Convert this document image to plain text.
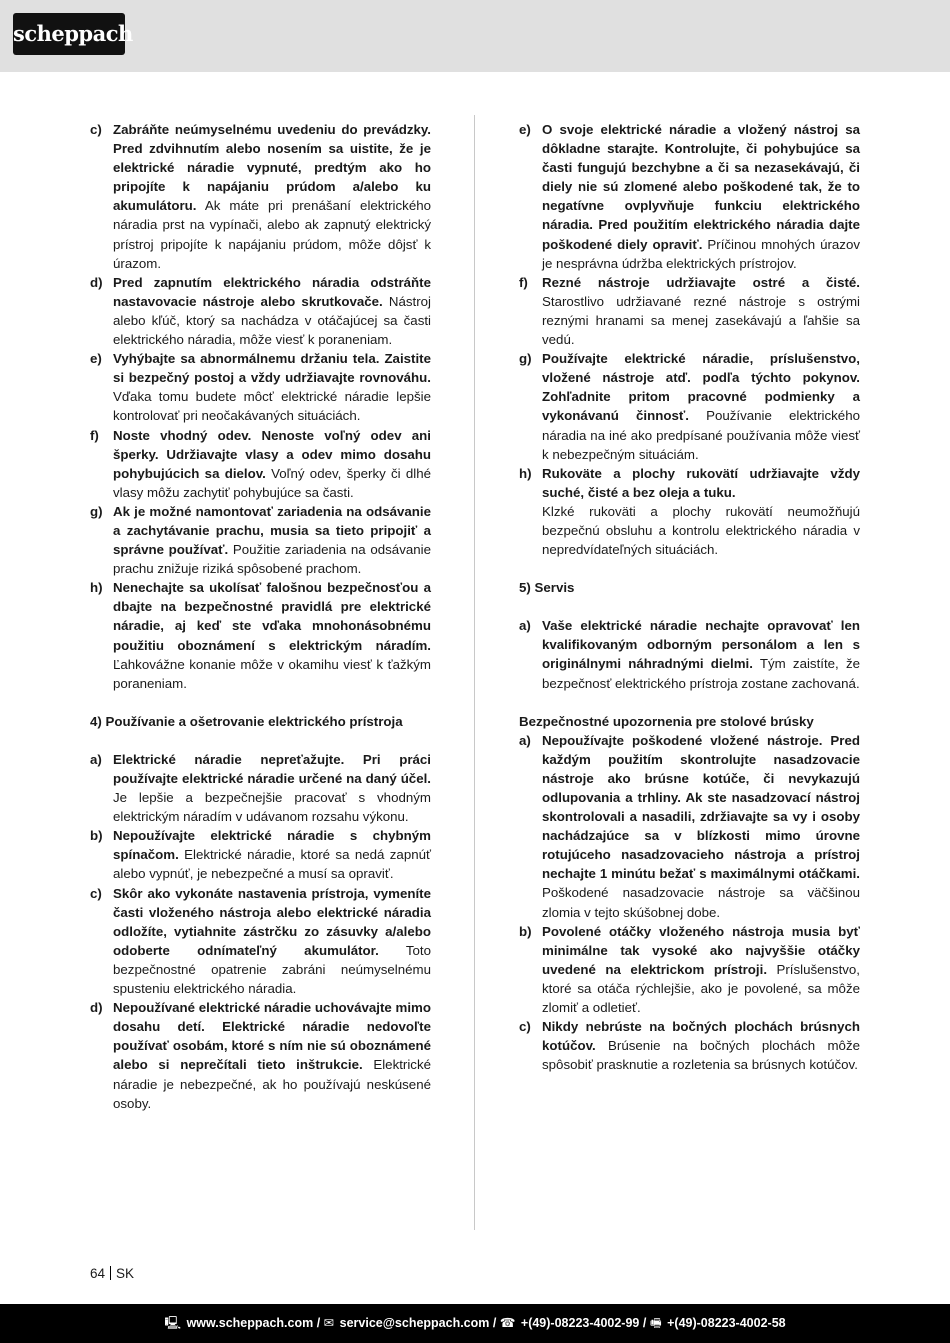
scheppach
c) Zabráňte neúmyselnému uvedeniu do prevádzky. Pred zdvihnutím alebo nosením sa uistite, že je elektrické náradie vypnuté, predtým ako ho pripojíte k napájaniu prúdom a/alebo ku akumulátoru. Ak máte pri prenášaní elektrického náradia prst na vypínači, alebo ak zapnutý elektrický prístroj pripojíte k napájaniu prúdom, môže dôjsť k úrazom.
d) Pred zapnutím elektrického náradia odstráňte nastavovacie nástroje alebo skrutkovače. Nástroj alebo kľúč, ktorý sa nachádza v otáčajúcej sa časti elektrického náradia, môže viesť k poraneniam.
e) Vyhýbajte sa abnormálnemu držaniu tela. Zaistite si bezpečný postoj a vždy udržiavajte rovnováhu. Vďaka tomu budete môcť elektrické náradie lepšie kontrolovať pri neočakávaných situáciách.
f) Noste vhodný odev. Nenoste voľný odev ani šperky. Udržiavajte vlasy a odev mimo dosahu pohybujúcich sa dielov. Voľný odev, šperky či dlhé vlasy môžu zachytiť pohybujúce sa časti.
g) Ak je možné namontovať zariadenia na odsávanie a zachytávanie prachu, musia sa tieto pripojiť a správne používať. Použitie zariadenia na odsávanie prachu znižuje riziká spôsobené prachom.
h) Nenechajte sa ukolísať falošnou bezpečnosťou a dbajte na bezpečnostné pravidlá pre elektrické náradie, aj keď ste vďaka mnohonásobnému použitiu oboznámení s elektrickým náradím. Ľahkovážne konanie môže v okamihu viesť k ťažkým poraneniam.
4) Používanie a ošetrovanie elektrického prístroja
a) Elektrické náradie nepreťažujte. Pri práci používajte elektrické náradie určené na daný účel. Je lepšie a bezpečnejšie pracovať s vhodným elektrickým náradím v udávanom rozsahu výkonu.
b) Nepoužívajte elektrické náradie s chybným spínačom. Elektrické náradie, ktoré sa nedá zapnúť alebo vypnúť, je nebezpečné a musí sa opraviť.
c) Skôr ako vykonáte nastavenia prístroja, vymeníte časti vloženého nástroja alebo elektrické náradia odložíte, vytiahnite zástrčku zo zásuvky a/alebo odoberte odnímateľný akumulátor. Toto bezpečnostné opatrenie zabráni neúmyselnému spusteniu elektrického náradia.
d) Nepoužívané elektrické náradie uchovávajte mimo dosahu detí. Elektrické náradie nedovoľte používať osobám, ktoré s ním nie sú oboznámené alebo si neprečítali tieto inštrukcie. Elektrické náradie je nebezpečné, ak ho používajú neskúsené osoby.
e) O svoje elektrické náradie a vložený nástroj sa dôkladne starajte. Kontrolujte, či pohybujúce sa časti fungujú bezchybne a či sa nezasekávajú, či diely nie sú zlomené alebo poškodené tak, že to negatívne ovplyvňuje funkciu elektrického náradia. Pred použitím elektrického náradia dajte poškodené diely opraviť. Príčinou mnohých úrazov je nesprávna údržba elektrických prístrojov.
f) Rezné nástroje udržiavajte ostré a čisté. Starostlivo udržiavané rezné nástroje s ostrými reznými hranami sa menej zasekávajú a ľahšie sa vedú.
g) Používajte elektrické náradie, príslušenstvo, vložené nástroje atď. podľa týchto pokynov. Zohľadnite pritom pracovné podmienky a vykonávanú činnosť. Používanie elektrického náradia na iné ako predpísané používania môže viesť k nebezpečným situáciám.
h) Rukoväte a plochy rukovätí udržiavajte vždy suché, čisté a bez oleja a tuku.
Klzké rukoväti a plochy rukovätí neumožňujú bezpečnú obsluhu a kontrolu elektrického náradia v nepredvídateľných situáciách.
5) Servis
a) Vaše elektrické náradie nechajte opravovať len kvalifikovaným odborným personálom a len s originálnymi náhradnými dielmi. Tým zaistíte, že bezpečnosť elektrického prístroja zostane zachovaná.
Bezpečnostné upozornenia pre stolové brúsky
a) Nepoužívajte poškodené vložené nástroje. Pred každým použitím skontrolujte nasadzovacie nástroje ako brúsne kotúče, či nevykazujú odlupovania a trhliny. Ak ste nasadzovací nástroj skontrolovali a nasadili, zdržiavajte sa vy i osoby nachádzajúce sa v blízkosti mimo úrovne rotujúceho nasadzovacieho nástroja a prístroj nechajte 1 minútu bežať s maximálnymi otáčkami. Poškodené nasadzovacie nástroje sa väčšinou zlomia v tejto skúšobnej dobe.
b) Povolené otáčky vloženého nástroja musia byť minimálne tak vysoké ako najvyššie otáčky uvedené na elektrickom prístroji. Príslušenstvo, ktoré sa otáča rýchlejšie, ako je povolené, sa môže zlomiť a odletieť.
c) Nikdy nebrúste na bočných plochách brúsnych kotúčov. Brúsenie na bočných plochách môže spôsobiť prasknutie a rozletenia sa brúsnych kotúčov.
64 SK
🖳 www.scheppach.com / ✉ service@scheppach.com / ☎ +(49)-08223-4002-99 / 🖷 +(49)-08223-4002-58
